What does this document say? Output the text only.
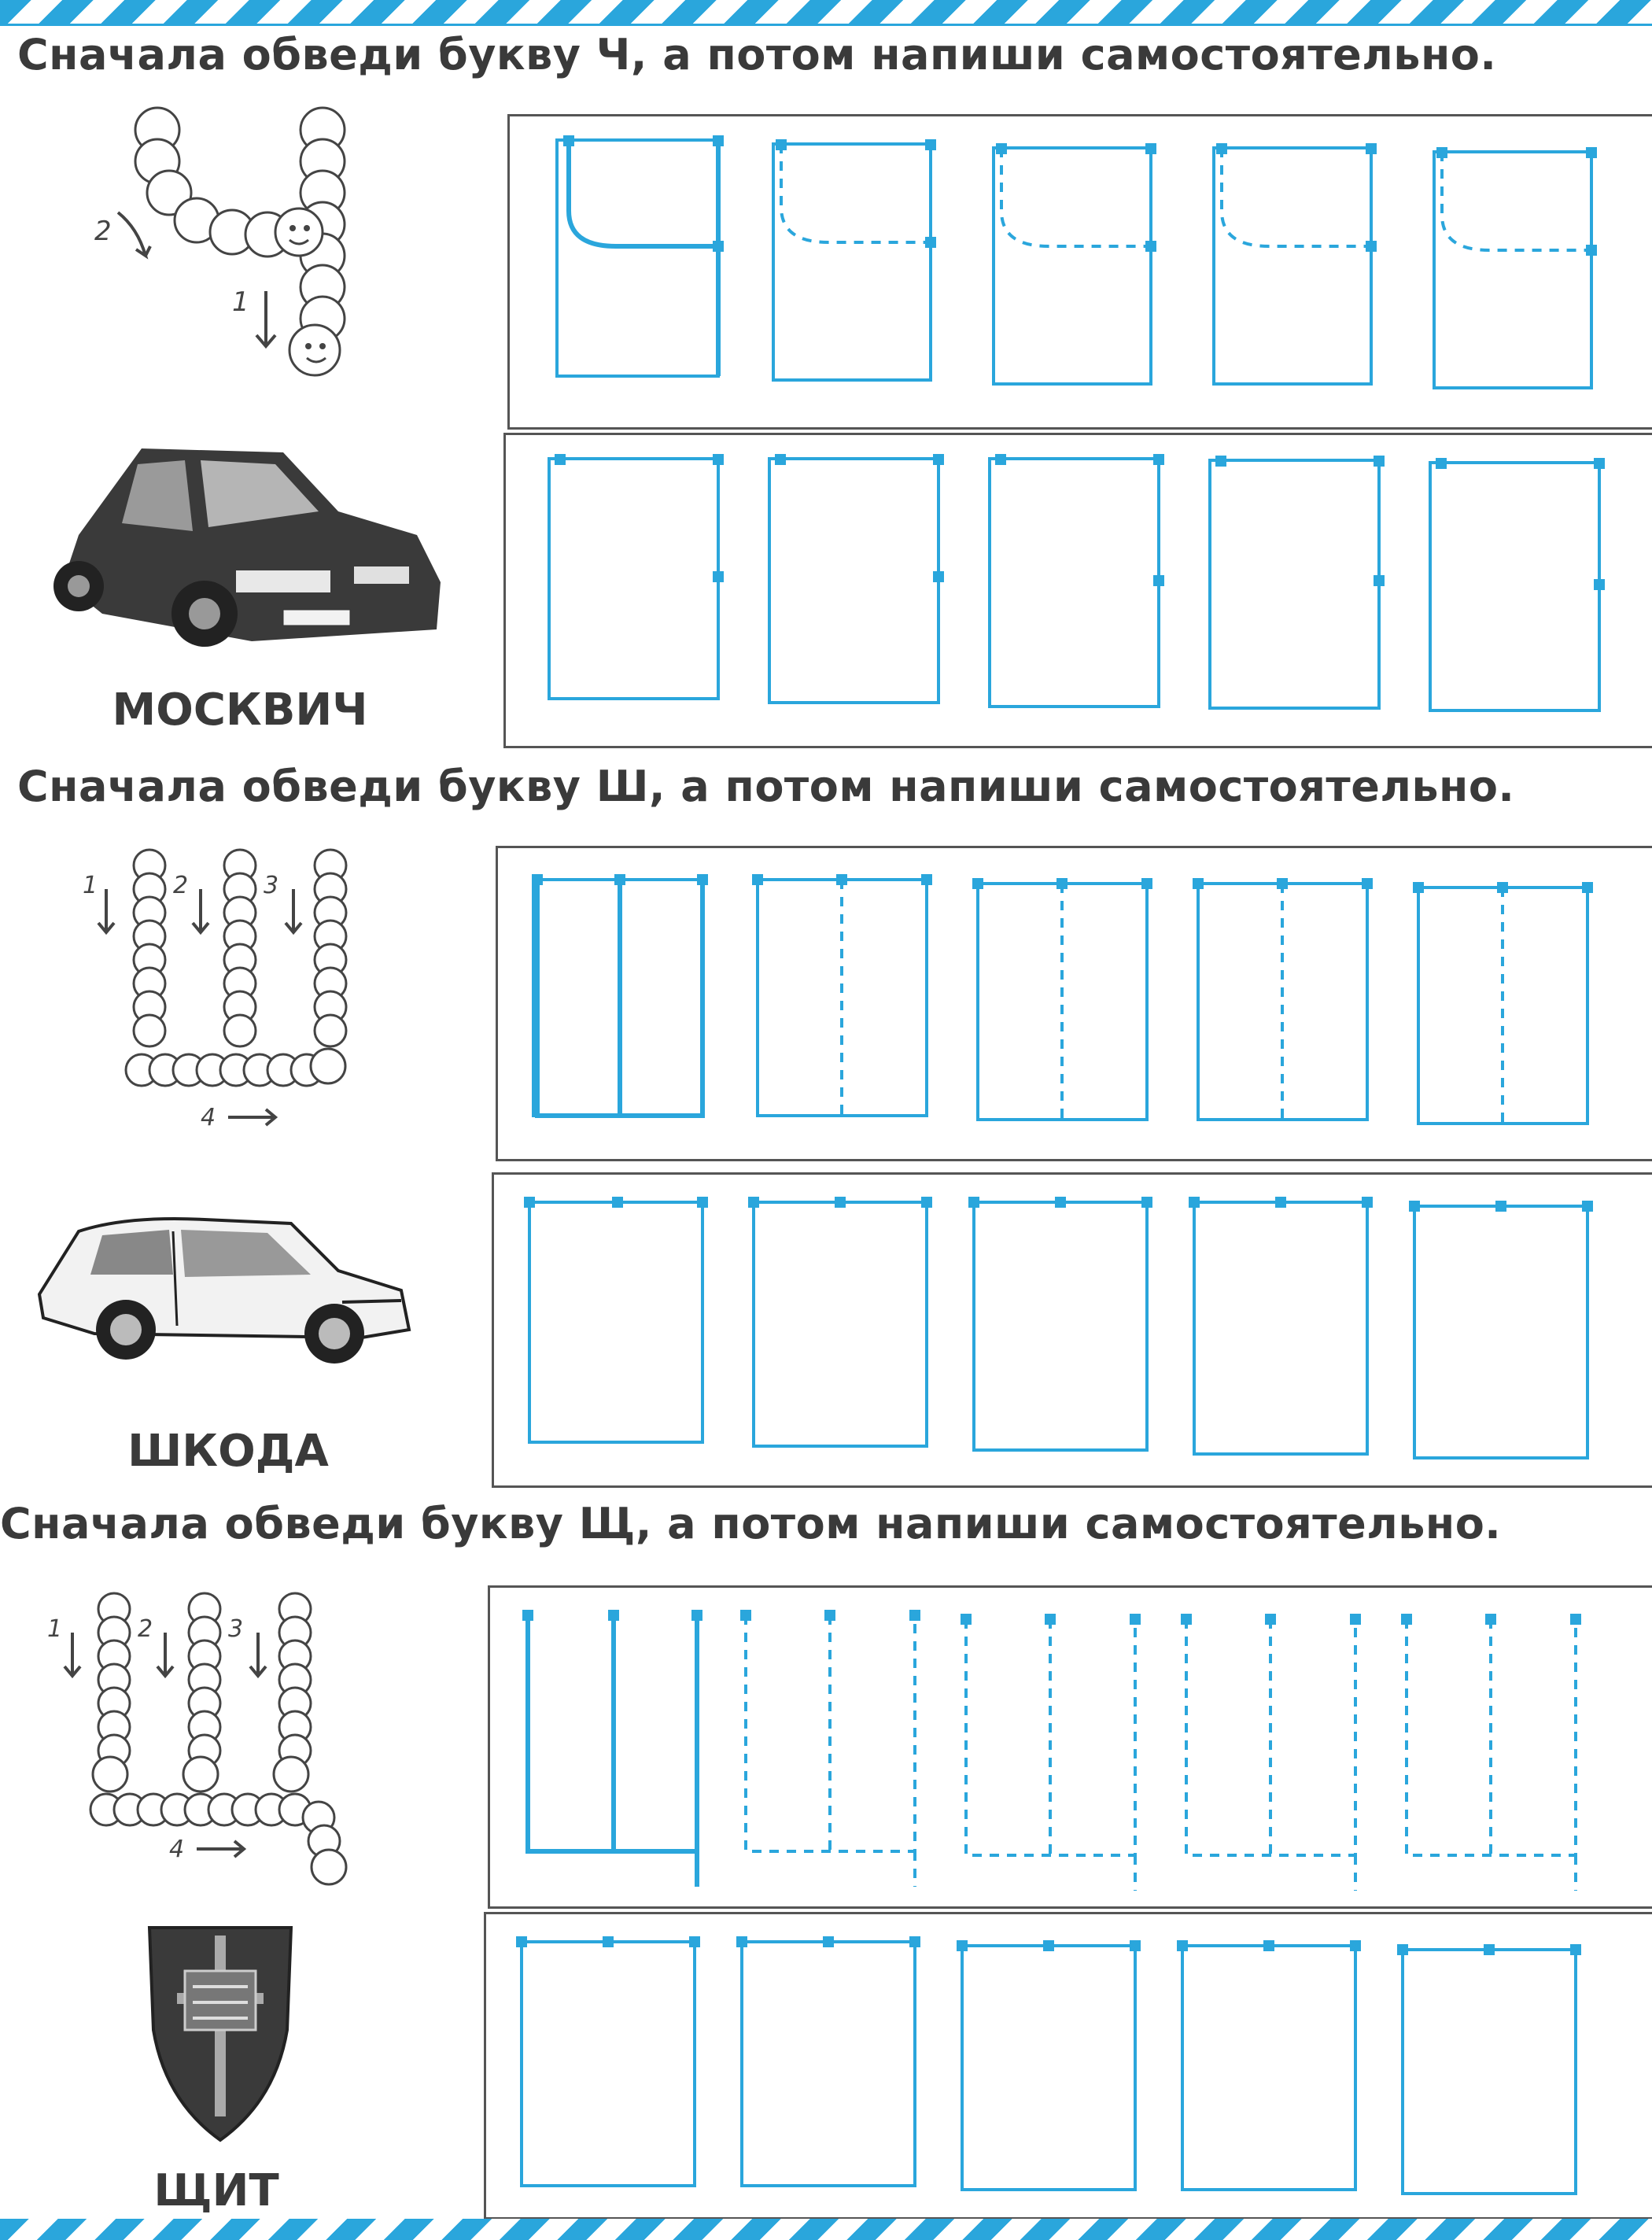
Сначала обведи букву Ч, а потом напиши самостоятельно.
2
1
МОСКВИЧ
Сначала обведи букву Ш, а потом напиши самостоятельно.
1	2	3
4
ШКОДА
Сначала обведи букву Щ, а потом напиши самостоятельно.
1	2	3
4
ЩИТ
